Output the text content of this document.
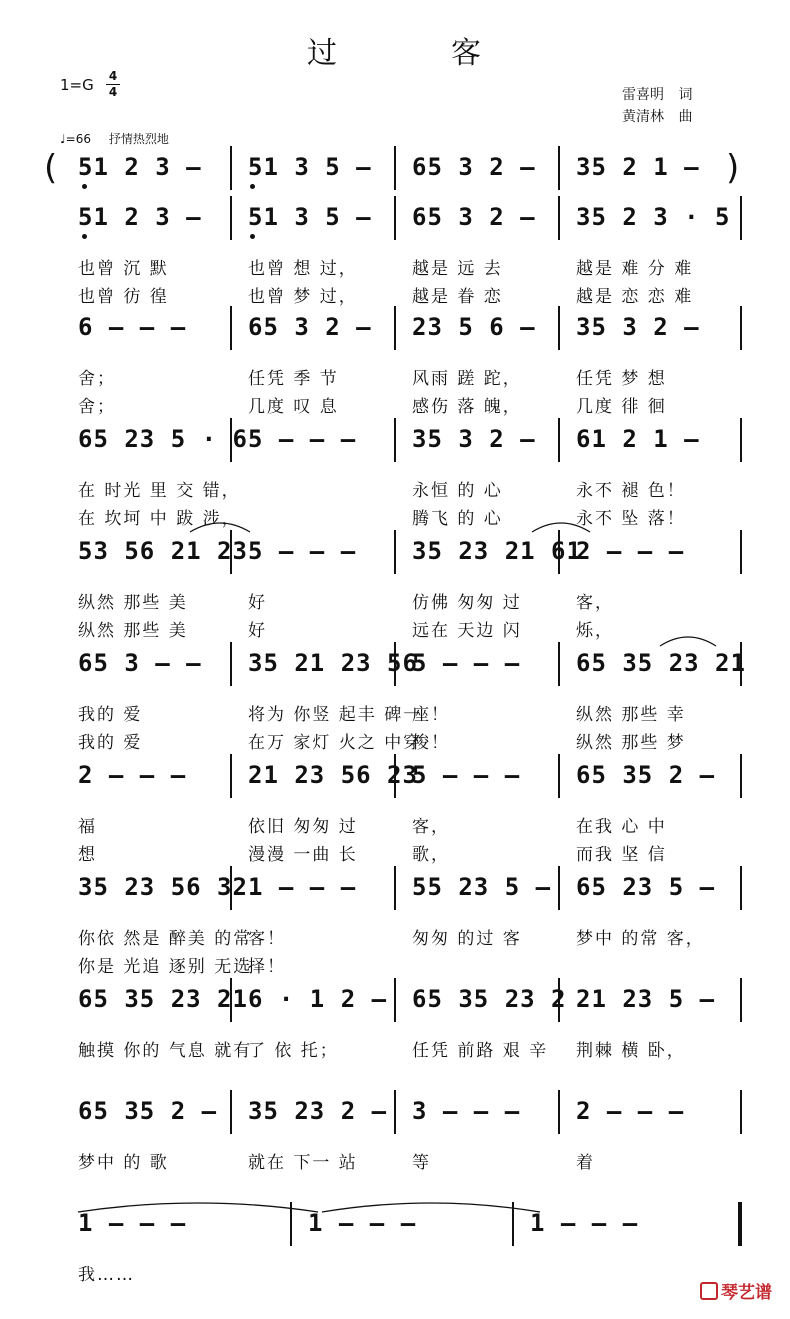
过	客
1=G 4
4	雷喜明 词
黄清林 曲
♩=66 抒情热烈地
(	)
51 2 3 – 51 3 5 – 65 3 2 – 35 2 1 –
51 2 3 –
也曾 沉 默
也曾 彷 徨
51 3 5 –
也曾 想 过，
也曾 梦 过，
65 3 2 –
越是 远 去
越是 眷 恋
35 2 3 · 5
越是 难 分 难
越是 恋 恋 难
6 – – –
舍；
舍；
65 3 2 –
任凭 季 节
几度 叹 息
23 5 6 –
风雨 蹉 跎，
感伤 落 魄，
35 3 2 –
任凭 梦 想
几度 徘 徊
65 23 5 · 6
在 时光 里 交 错，
在 坎坷 中 跋 涉，
5 – – – 35 3 2 –
永恒 的 心
腾飞 的 心
61 2 1 –
永不 褪 色！
永不 坠 落！
53 56 21 23
纵然 那些 美
纵然 那些 美
5 – – –
好
好
35 23 21 61
仿佛 匆匆 过
远在 天边 闪
2 – – –
客，
烁，
65 3 – –
我的 爱
我的 爱
35 21 23 56
将为 你竖 起丰 碑一
在万 家灯 火之 中穿
5 – – –
座！
梭！
65 35 23 21
纵然 那些 幸
纵然 那些 梦
2 – – –
福
想
21 23 56 23
依旧 匆匆 过
漫漫 一曲 长
5 – – –
客，
歌，
65 35 2 –
在我 心 中
而我 坚 信
35 23 56 32
你依 然是 醉美 的常
你是 光追 逐别 无选
1 – – –
客！
择！
55 23 5 –
匆匆 的过 客
65 23 5 –
梦中 的常 客，
65 35 23 21
触摸 你的 气息 就有
6 · 1 2 –
了 依 托；
65 35 23 2
任凭 前路 艰 辛
21 23 5 –
荆棘 横 卧，
65 35 2 –
梦中 的 歌
35 23 2 –
就在 下一 站
3 – – –
等
2 – – –
着
1 – – –
我……
1 – – –	1 – – –
琴艺谱
